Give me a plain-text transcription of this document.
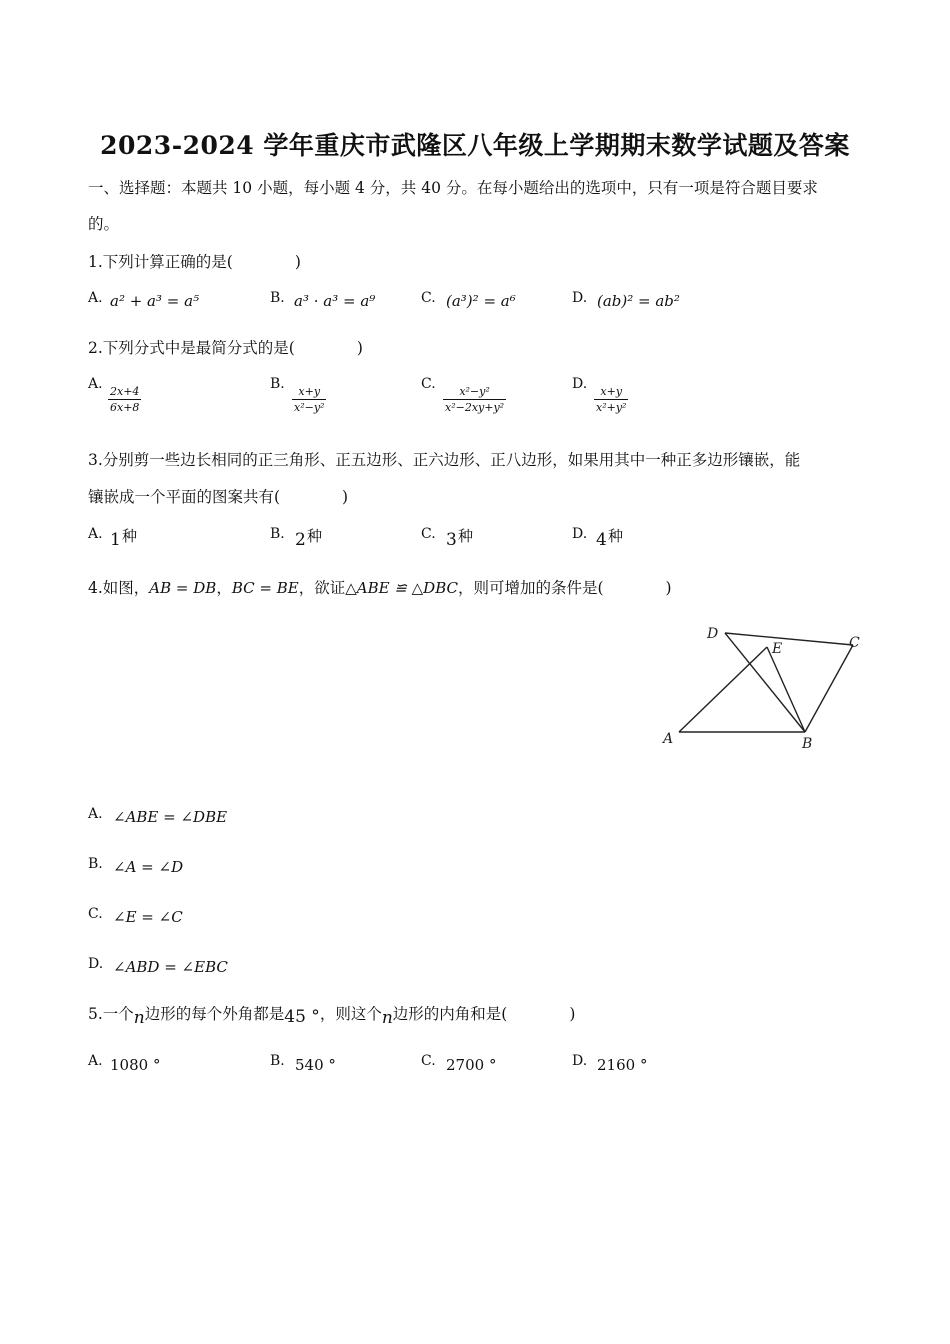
2023-2024 学年重庆市武隆区八年级上学期期末数学试题及答案
一、选择题：本题共 10 小题，每小题 4 分，共 40 分。在每小题给出的选项中，只有一项是符合题目要求
的。
1.下列计算正确的是(　　　　)
A. a² + a³ = a⁵	B. a³ · a³ = a⁹	C. (a³)² = a⁶	D. (ab)² = ab²
2.下列分式中是最简分式的是(　　　　)
A. 2x+4
6x+8
B.	x+y
x²−y²
C.	x²−y²
x²−2xy+y²
D.	x+y
x²+y²
3.分别剪一些边长相同的正三角形、正五边形、正六边形、正八边形，如果用其中一种正多边形镶嵌，能
镶嵌成一个平面的图案共有(　　　　)
A. 1 种	B. 2 种	C. 3 种	D. 4 种
4.如图，AB = DB，BC = BE，欲证△ABE ≌ △DBC，则可增加的条件是(　　　　)
D
E	C
A	B
A. ∠ABE = ∠DBE
B. ∠A = ∠D
C. ∠E = ∠C
D. ∠ABD = ∠EBC
5.一个n边形的每个外角都是45 °，则这个n边形的内角和是(　　　　)
A. 1080 °	B. 540 °	C. 2700 °	D. 2160 °
